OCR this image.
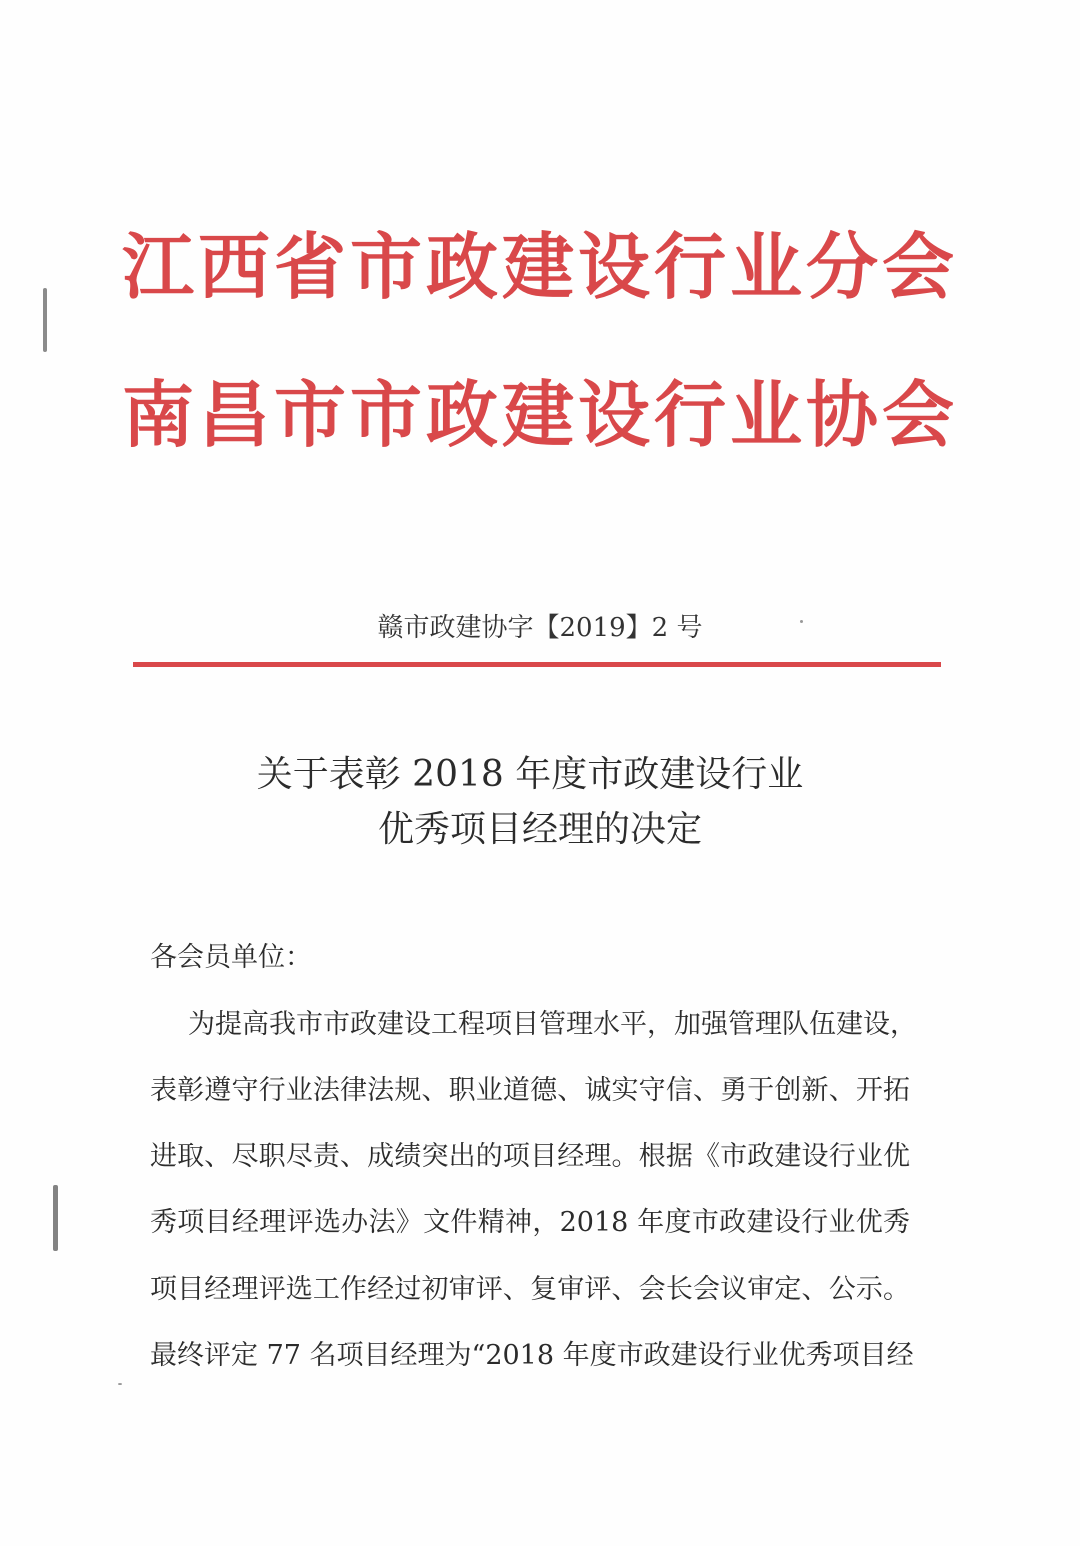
江西省市政建设行业分会
南昌市市政建设行业协会
赣市政建协字【2019】2 号
关于表彰 2018 年度市政建设行业
优秀项目经理的决定
各会员单位：
为提高我市市政建设工程项目管理水平，加强管理队伍建设，
表彰遵守行业法律法规、职业道德、诚实守信、勇于创新、开拓
进取、尽职尽责、成绩突出的项目经理。根据《市政建设行业优
秀项目经理评选办法》文件精神，2018 年度市政建设行业优秀
项目经理评选工作经过初审评、复审评、会长会议审定、公示。
最终评定 77 名项目经理为“2018 年度市政建设行业优秀项目经
